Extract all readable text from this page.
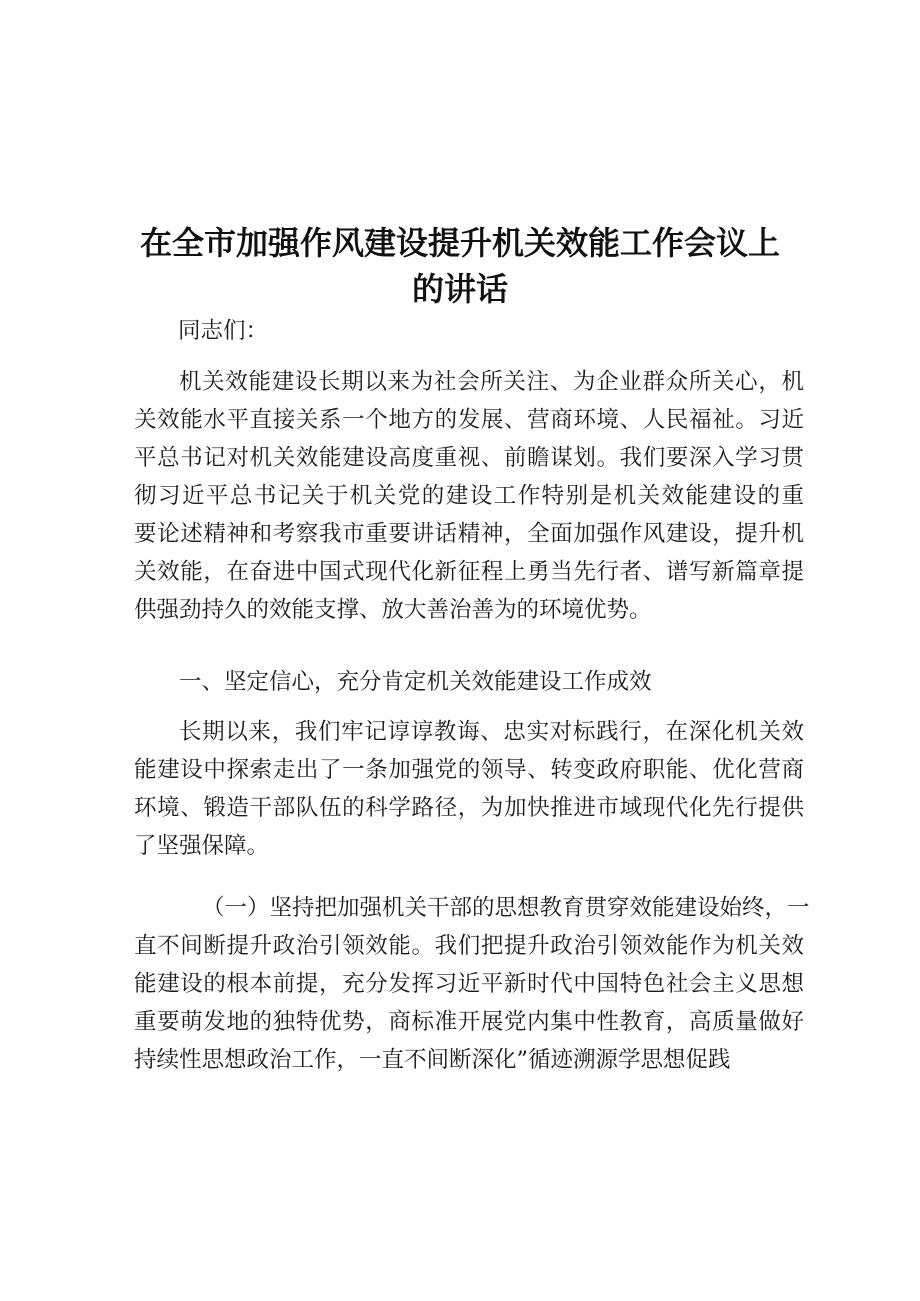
在全市加强作风建设提升机关效能工作会议上
的讲话

同志们：

机关效能建设长期以来为社会所关注、为企业群众所关心，机
关效能水平直接关系一个地方的发展、营商环境、人民福祉。习近
平总书记对机关效能建设高度重视、前瞻谋划。我们要深入学习贯
彻习近平总书记关于机关党的建设工作特别是机关效能建设的重
要论述精神和考察我市重要讲话精神，全面加强作风建设，提升机
关效能，在奋进中国式现代化新征程上勇当先行者、谱写新篇章提
供强劲持久的效能支撑、放大善治善为的环境优势。
一、坚定信心，充分肯定机关效能建设工作成效
长期以来，我们牢记谆谆教诲、忠实对标践行，在深化机关效
能建设中探索走出了一条加强党的领导、转变政府职能、优化营商
环境、锻造干部队伍的科学路径，为加快推进市域现代化先行提供
了坚强保障。
（一）坚持把加强机关干部的思想教育贯穿效能建设始终，一
直不间断提升政治引领效能。我们把提升政治引领效能作为机关效
能建设的根本前提，充分发挥习近平新时代中国特色社会主义思想
重要萌发地的独特优势，商标准开展党内集中性教育，高质量做好
持续性思想政治工作，一直不间断深化”循迹溯源学思想促践
